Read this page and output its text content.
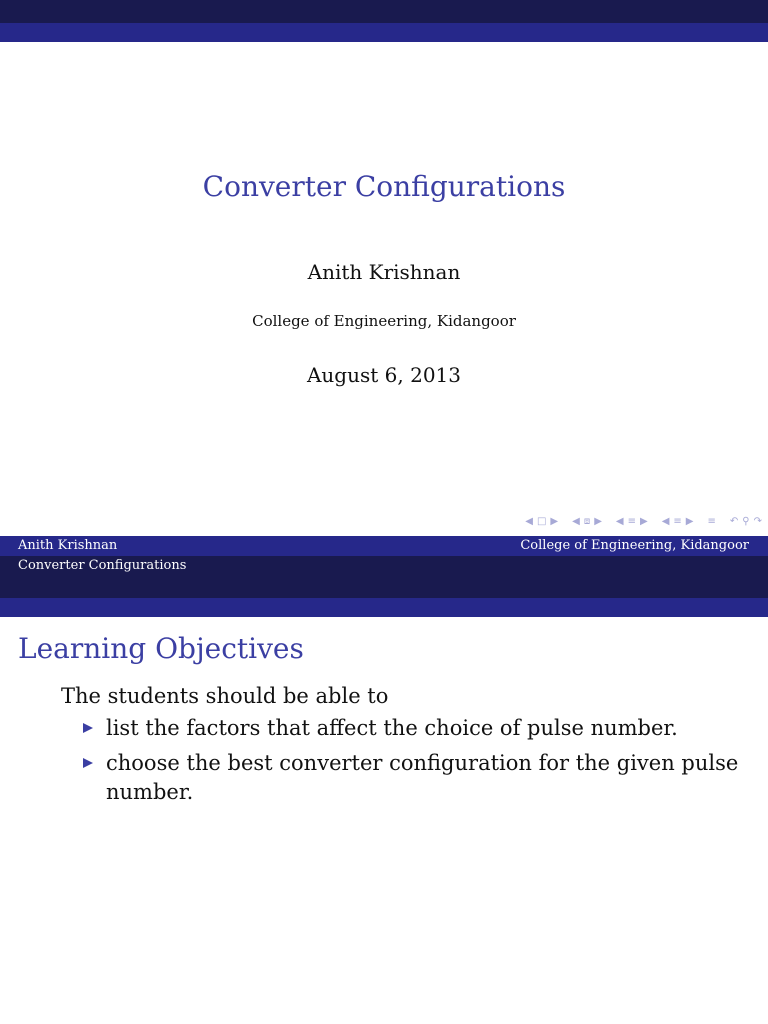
Converter Configurations
Anith Krishnan
College of Engineering, Kidangoor
August 6, 2013
◀ □ ▶ ◀ ⧈ ▶ ◀ ≡ ▶ ◀ ≡ ▶ ≡ ↶ ⚲ ↷
Anith Krishnan	College of Engineering, Kidangoor
Converter Configurations
Learning Objectives

The students should be able to

list the factors that affect the choice of pulse number.
choose the best converter configuration for the given pulse number.
